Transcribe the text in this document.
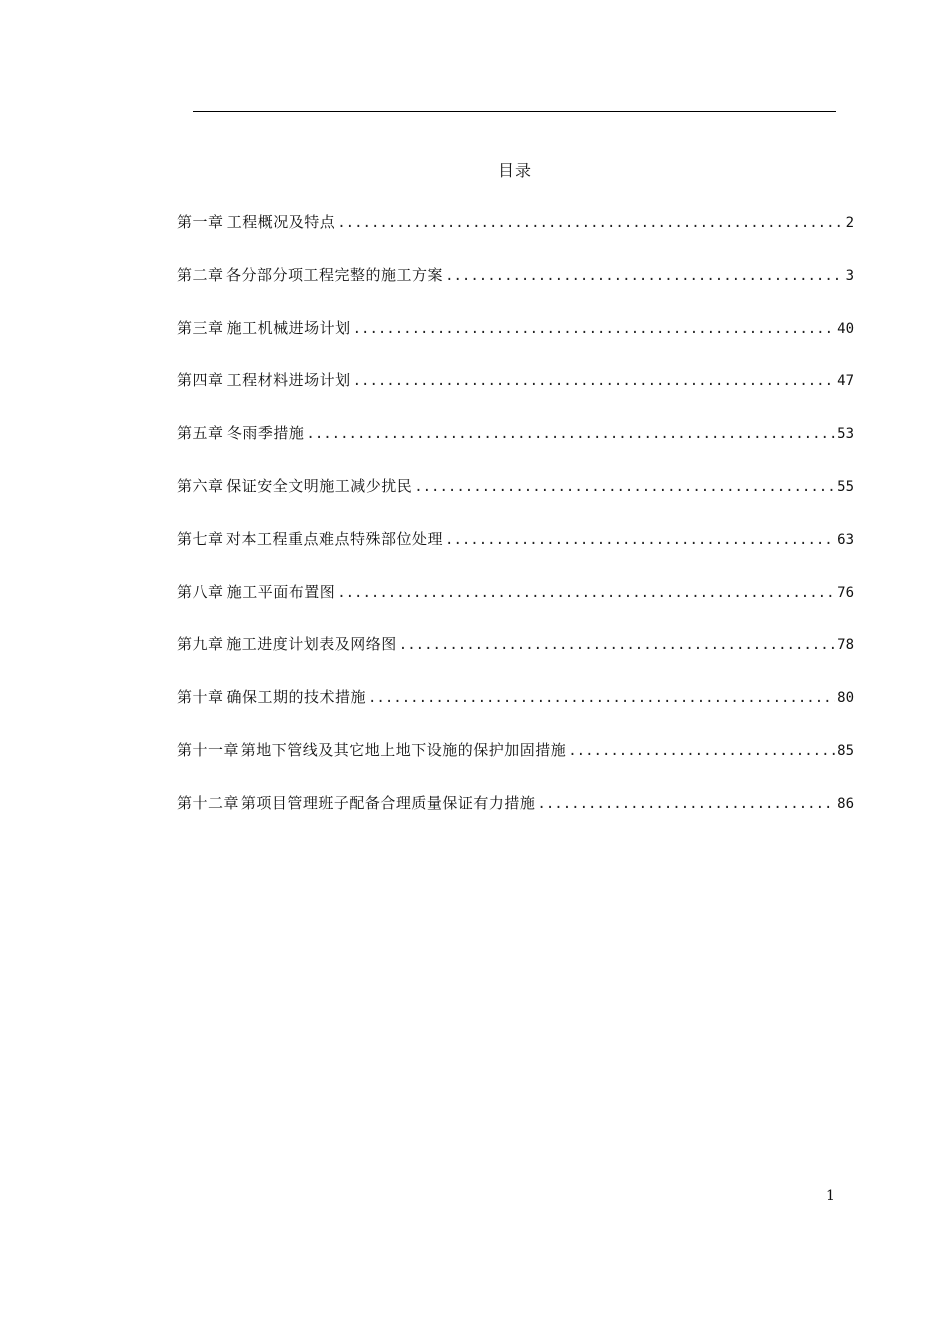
目录
第一章 工程概况及特点 .....	2
第二章 各分部分项工程完整的施工方案 .....	3
第三章 施工机械进场计划 .....	40
第四章 工程材料进场计划 .....	47
第五章 冬雨季措施 .....	53
第六章 保证安全文明施工减少扰民 .....	55
第七章 对本工程重点难点特殊部位处理 .....	63
第八章 施工平面布置图 .....	76
第九章 施工进度计划表及网络图 .....	78
第十章 确保工期的技术措施 .....	80
第十一章 第地下管线及其它地上地下设施的保护加固措施 .....	85
第十二章 第项目管理班子配备合理质量保证有力措施 .....	86
1
